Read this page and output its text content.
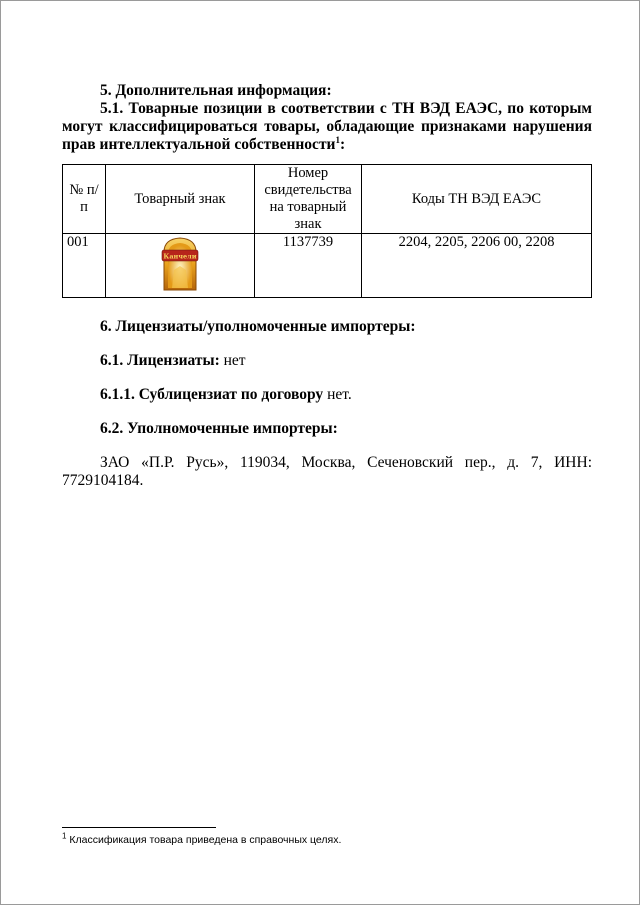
5. Дополнительная информация:

5.1. Товарные позиции в соответствии с ТН ВЭД ЕАЭС, по которым могут классифицироваться товары, обладающие признаками нарушения прав интеллектуальной собственности$^1$:

№ п/п	Товарный знак	Номер свидетельства на товарный знак	Коды ТН ВЭД ЕАЭС
001	Канчели	1137739	2204, 2205, 2206 00, 2208

6. Лицензиаты/уполномоченные импортеры:

6.1. Лицензиаты: нет

6.1.1. Сублицензиат по договору нет.

6.2. Уполномоченные импортеры:

ЗАО «П.Р. Русь», 119034, Москва, Сеченовский пер., д. 7, ИНН: 7729104184.

$^1$ Классификация товара приведена в справочных целях.
